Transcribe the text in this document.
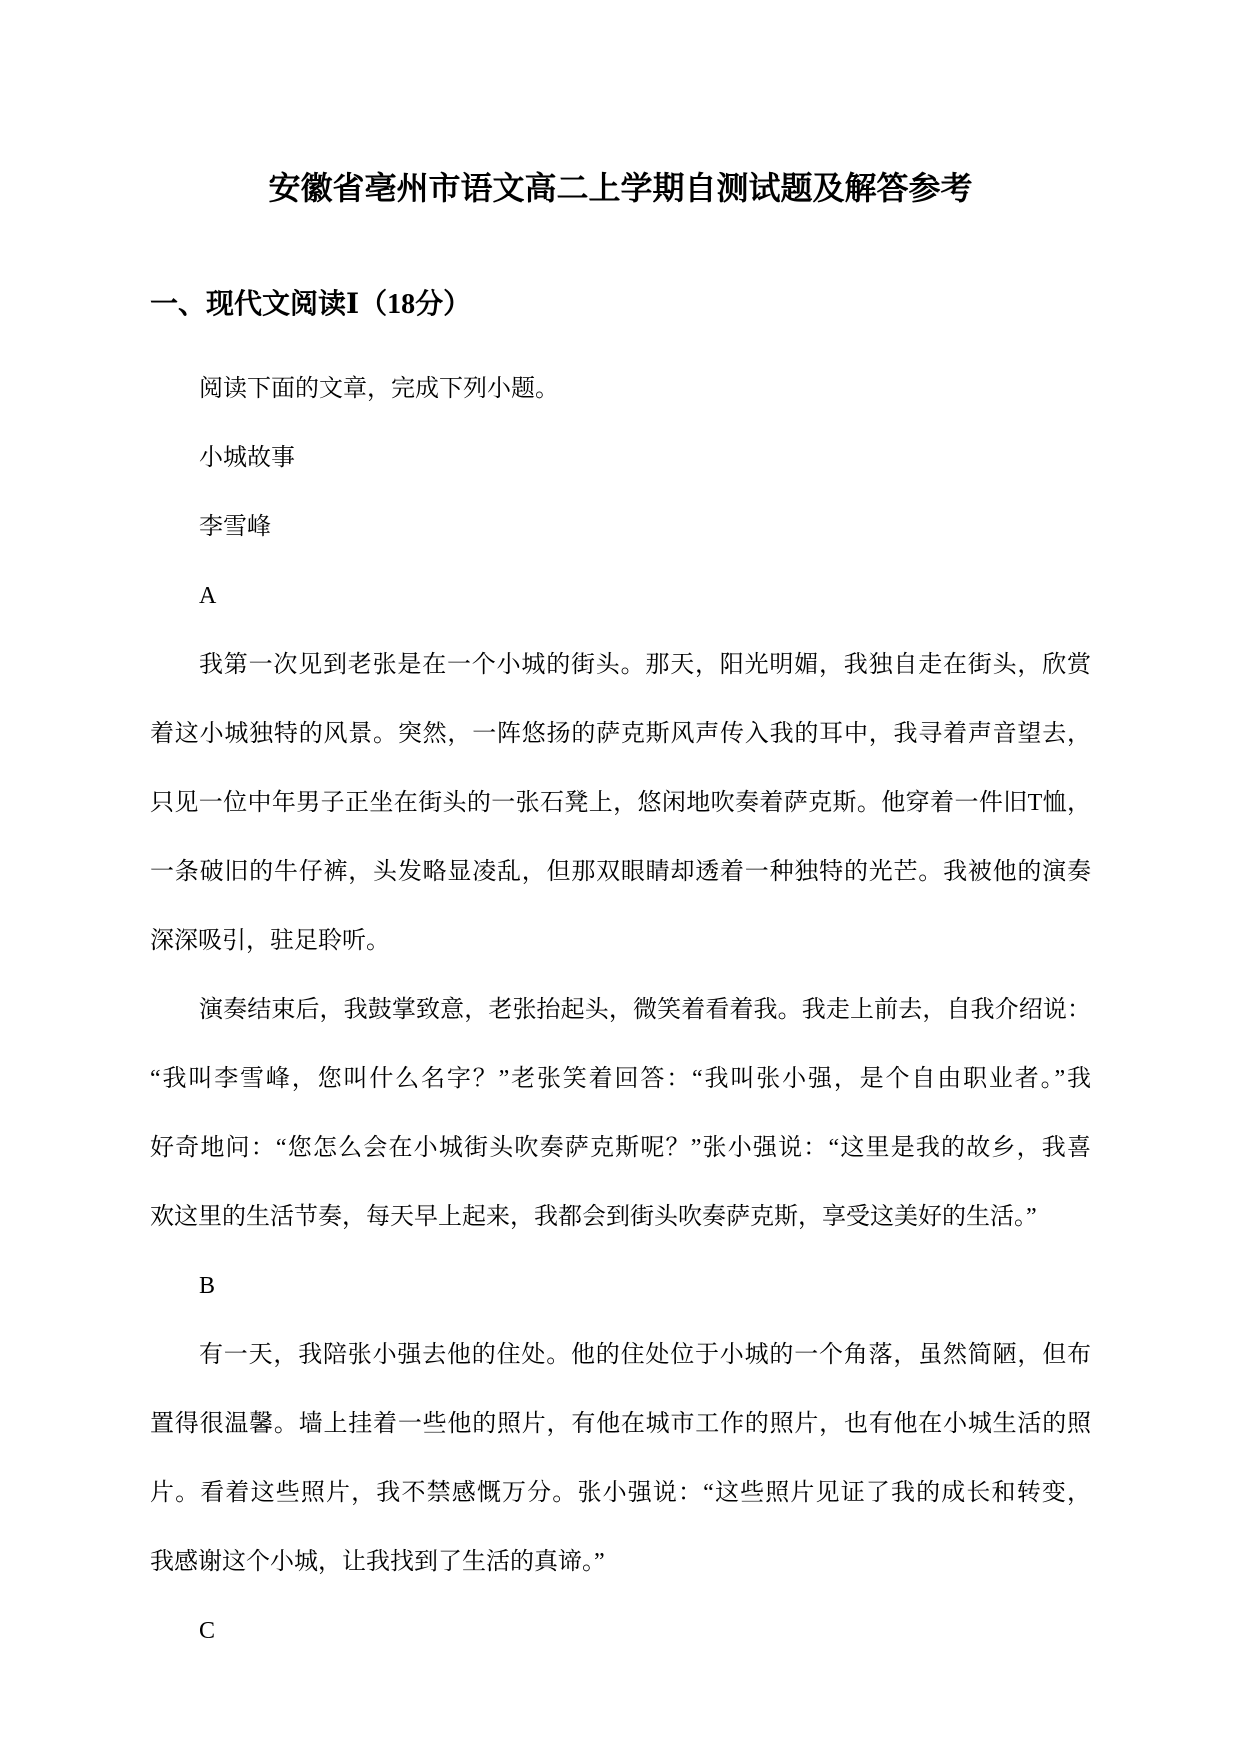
安徽省亳州市语文高二上学期自测试题及解答参考
一、现代文阅读Ⅰ（18分）
阅读下面的文章，完成下列小题。
小城故事
李雪峰
A
我第一次见到老张是在一个小城的街头。那天，阳光明媚，我独自走在街头，欣赏
着这小城独特的风景。突然，一阵悠扬的萨克斯风声传入我的耳中，我寻着声音望去，
只见一位中年男子正坐在街头的一张石凳上，悠闲地吹奏着萨克斯。他穿着一件旧T恤，
一条破旧的牛仔裤，头发略显凌乱，但那双眼睛却透着一种独特的光芒。我被他的演奏
深深吸引，驻足聆听。
演奏结束后，我鼓掌致意，老张抬起头，微笑着看着我。我走上前去，自我介绍说：
“我叫李雪峰，您叫什么名字？”老张笑着回答：“我叫张小强，是个自由职业者。”我
好奇地问：“您怎么会在小城街头吹奏萨克斯呢？”张小强说：“这里是我的故乡，我喜
欢这里的生活节奏，每天早上起来，我都会到街头吹奏萨克斯，享受这美好的生活。”
B
有一天，我陪张小强去他的住处。他的住处位于小城的一个角落，虽然简陋，但布
置得很温馨。墙上挂着一些他的照片，有他在城市工作的照片，也有他在小城生活的照
片。看着这些照片，我不禁感慨万分。张小强说：“这些照片见证了我的成长和转变，
我感谢这个小城，让我找到了生活的真谛。”
C
